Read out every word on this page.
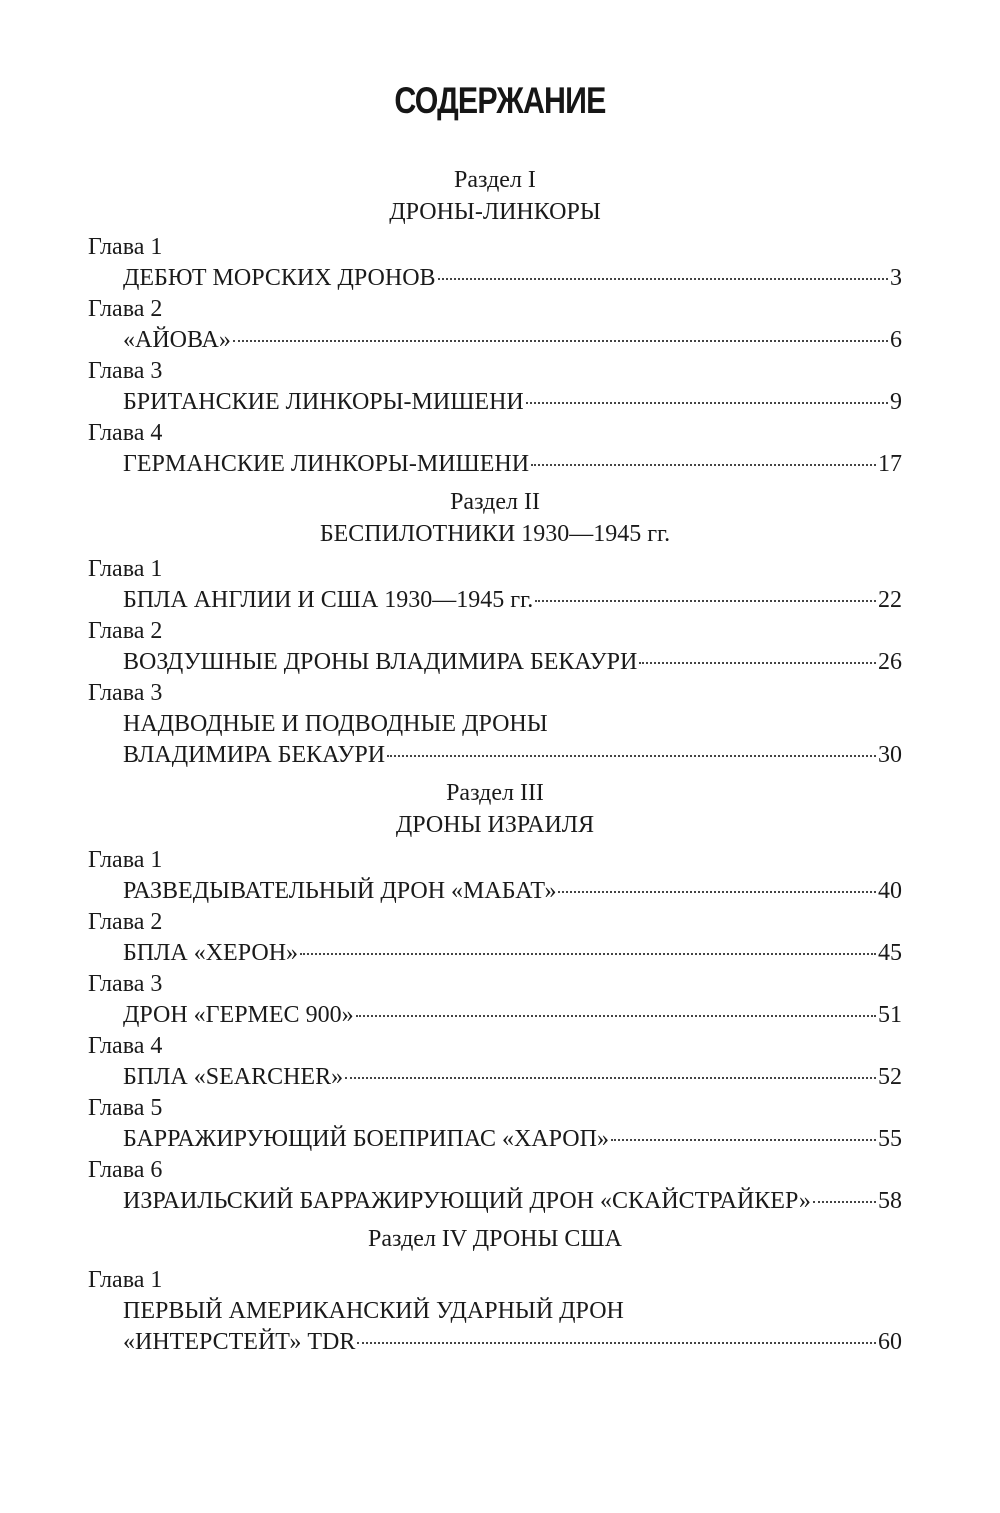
СОДЕРЖАНИЕ
Раздел I
ДРОНЫ-ЛИНКОРЫ
Глава 1
ДЕБЮТ МОРСКИХ ДРОНОВ	3
Глава 2
«АЙОВА»	6
Глава 3
БРИТАНСКИЕ ЛИНКОРЫ-МИШЕНИ	9
Глава 4
ГЕРМАНСКИЕ ЛИНКОРЫ-МИШЕНИ	17
Раздел II
БЕСПИЛОТНИКИ 1930—1945 гг.
Глава 1
БПЛА АНГЛИИ И США 1930—1945 гг.	22
Глава 2
ВОЗДУШНЫЕ ДРОНЫ ВЛАДИМИРА БЕКАУРИ	26
Глава 3
НАДВОДНЫЕ И ПОДВОДНЫЕ ДРОНЫ
ВЛАДИМИРА БЕКАУРИ	30
Раздел III
ДРОНЫ ИЗРАИЛЯ
Глава 1
РАЗВЕДЫВАТЕЛЬНЫЙ ДРОН «МАБАТ»	40
Глава 2
БПЛА «ХЕРОН»	45
Глава 3
ДРОН «ГЕРМЕС 900»	51
Глава 4
БПЛА «SEARCHER»	52
Глава 5
БАРРАЖИРУЮЩИЙ БОЕПРИПАС «ХАРОП»	55
Глава 6
ИЗРАИЛЬСКИЙ БАРРАЖИРУЮЩИЙ ДРОН «СКАЙСТРАЙКЕР»	58
Раздел IV ДРОНЫ США
Глава 1
ПЕРВЫЙ АМЕРИКАНСКИЙ УДАРНЫЙ ДРОН
«ИНТЕРСТЕЙТ» TDR	60
